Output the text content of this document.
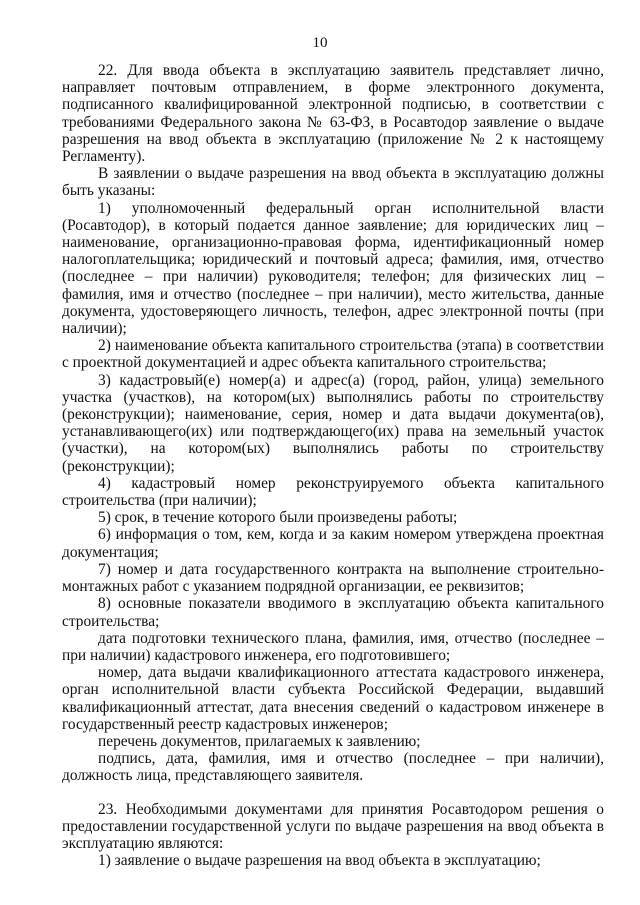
10

22. Для ввода объекта в эксплуатацию заявитель представляет лично, направляет почтовым отправлением, в форме электронного документа, подписанного квалифицированной электронной подписью, в соответствии с требованиями Федерального закона № 63-ФЗ, в Росавтодор заявление о выдаче разрешения на ввод объекта в эксплуатацию (приложение № 2 к настоящему Регламенту).

В заявлении о выдаче разрешения на ввод объекта в эксплуатацию должны быть указаны:

1) уполномоченный федеральный орган исполнительной власти (Росавтодор), в который подается данное заявление; для юридических лиц – наименование, организационно-правовая форма, идентификационный номер налогоплательщика; юридический и почтовый адреса; фамилия, имя, отчество (последнее – при наличии) руководителя; телефон; для физических лиц – фамилия, имя и отчество (последнее – при наличии), место жительства, данные документа, удостоверяющего личность, телефон, адрес электронной почты (при наличии);

2) наименование объекта капитального строительства (этапа) в соответствии с проектной документацией и адрес объекта капитального строительства;

3) кадастровый(е) номер(а) и адрес(а) (город, район, улица) земельного участка (участков), на котором(ых) выполнялись работы по строительству (реконструкции); наименование, серия, номер и дата выдачи документа(ов), устанавливающего(их) или подтверждающего(их) права на земельный участок (участки), на котором(ых) выполнялись работы по строительству (реконструкции);

4) кадастровый номер реконструируемого объекта капитального строительства (при наличии);

5) срок, в течение которого были произведены работы;

6) информация о том, кем, когда и за каким номером утверждена проектная документация;

7) номер и дата государственного контракта на выполнение строительно-монтажных работ с указанием подрядной организации, ее реквизитов;

8) основные показатели вводимого в эксплуатацию объекта капитального строительства;

дата подготовки технического плана, фамилия, имя, отчество (последнее – при наличии) кадастрового инженера, его подготовившего;

номер, дата выдачи квалификационного аттестата кадастрового инженера, орган исполнительной власти субъекта Российской Федерации, выдавший квалификационный аттестат, дата внесения сведений о кадастровом инженере в государственный реестр кадастровых инженеров;

перечень документов, прилагаемых к заявлению;

подпись, дата, фамилия, имя и отчество (последнее – при наличии), должность лица, представляющего заявителя.

23. Необходимыми документами для принятия Росавтодором решения о предоставлении государственной услуги по выдаче разрешения на ввод объекта в эксплуатацию являются:

1) заявление о выдаче разрешения на ввод объекта в эксплуатацию;
